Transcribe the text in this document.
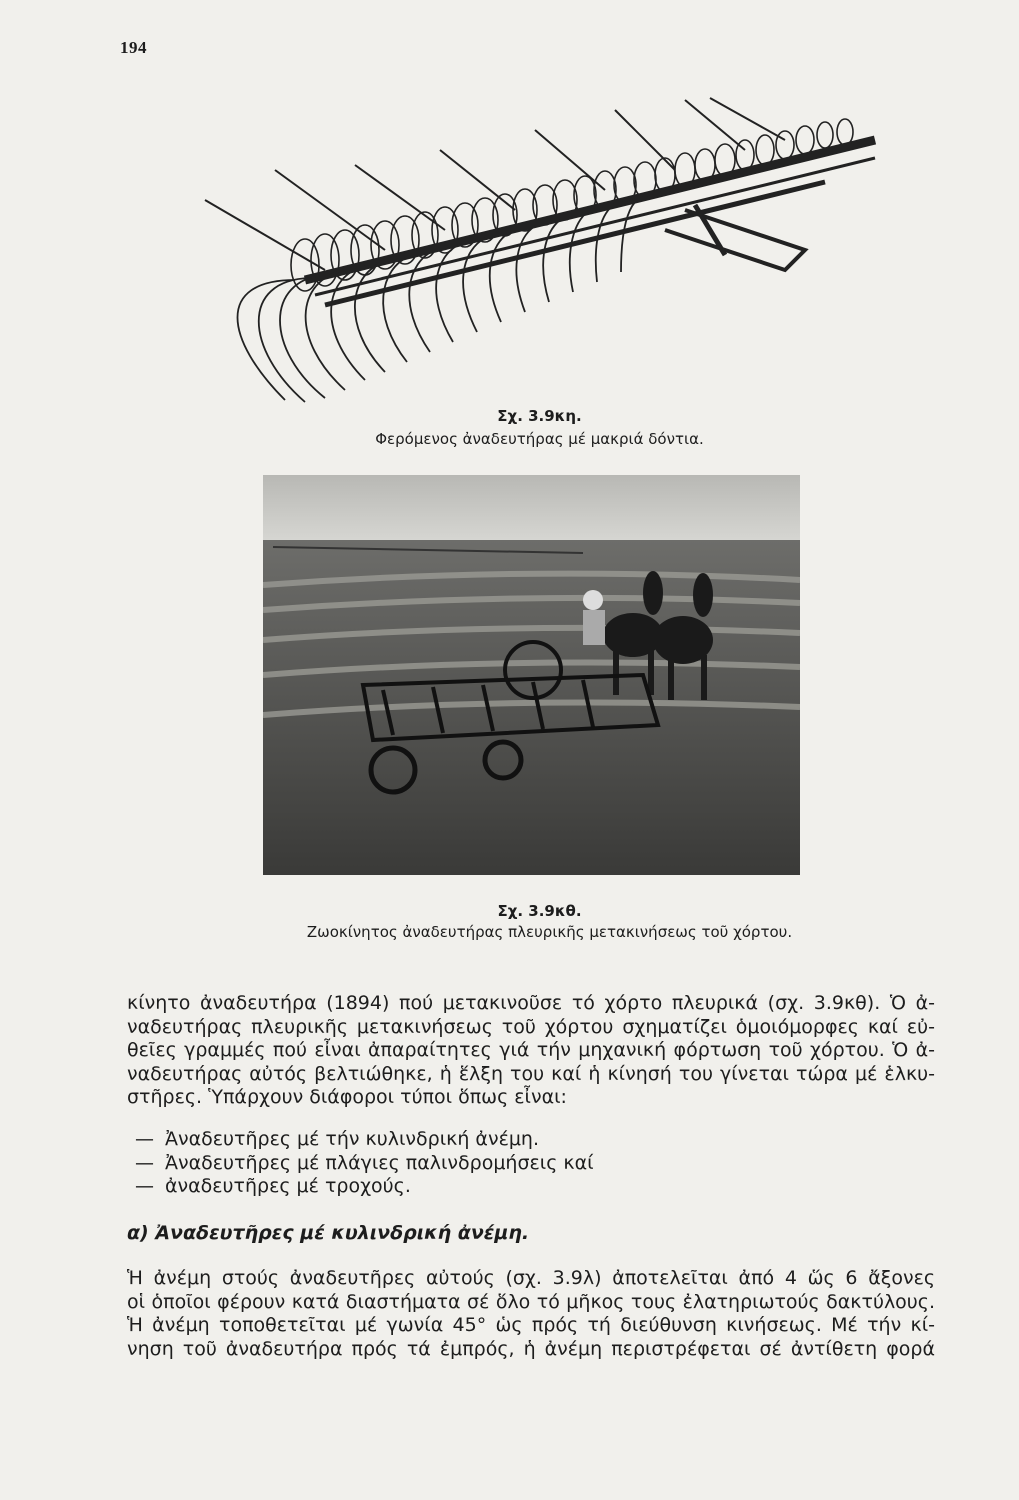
194
Σχ. 3.9κη.
Φερόμενος ἀναδευτήρας μέ μακριά δόντια.
Σχ. 3.9κθ.
Ζωοκίνητος ἀναδευτήρας πλευρικῆς μετακινήσεως τοῦ χόρτου.
κίνητο ἀναδευτήρα (1894) πού μετακινοῦσε τό χόρτο πλευρικά (σχ. 3.9κθ). Ὁ ἀ-
ναδευτήρας πλευρικῆς μετακινήσεως τοῦ χόρτου σχηματίζει ὁμοιόμορφες καί εὐ-
θεῖες γραμμές πού εἶναι ἀπαραίτητες γιά τήν μηχανική φόρτωση τοῦ χόρτου. Ὁ ἀ-
ναδευτήρας αὐτός βελτιώθηκε, ἡ ἕλξη του καί ἡ κίνησή του γίνεται τώρα μέ ἑλκυ-
στῆρες. Ὑπάρχουν διάφοροι τύποι ὅπως εἶναι:
— Ἀναδευτῆρες μέ τήν κυλινδρική ἀνέμη.
— Ἀναδευτῆρες μέ πλάγιες παλινδρομήσεις καί
— ἀναδευτῆρες μέ τροχούς.
α) Ἀναδευτῆρες μέ κυλινδρική ἀνέμη.
Ἡ ἀνέμη στούς ἀναδευτῆρες αὐτούς (σχ. 3.9λ) ἀποτελεῖται ἀπό 4 ὥς 6 ἄξονες
οἱ ὁποῖοι φέρουν κατά διαστήματα σέ ὅλο τό μῆκος τους ἐλατηριωτούς δακτύλους.
Ἡ ἀνέμη τοποθετεῖται μέ γωνία 45° ὡς πρός τή διεύθυνση κινήσεως. Μέ τήν κί-
νηση τοῦ ἀναδευτήρα πρός τά ἐμπρός, ἡ ἀνέμη περιστρέφεται σέ ἀντίθετη φορά
